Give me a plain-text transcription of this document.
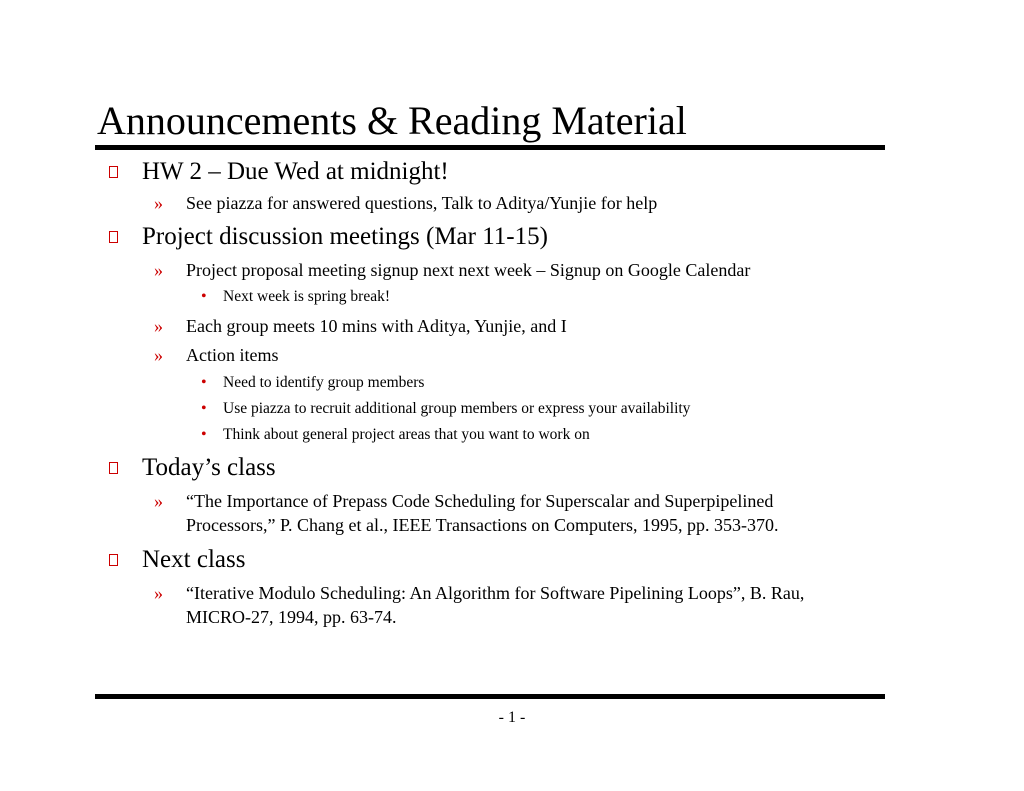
Announcements & Reading Material
HW 2 – Due Wed at midnight!
» See piazza for answered questions, Talk to Aditya/Yunjie for help
Project discussion meetings (Mar 11-15)
» Project proposal meeting signup next next week – Signup on Google Calendar
• Next week is spring break!
» Each group meets 10 mins with Aditya, Yunjie, and I
» Action items
• Need to identify group members
• Use piazza to recruit additional group members or express your availability
• Think about general project areas that you want to work on
Today’s class
» “The Importance of Prepass Code Scheduling for Superscalar and Superpipelined
Processors,” P. Chang et al., IEEE Transactions on Computers, 1995, pp. 353-370.
Next class
» “Iterative Modulo Scheduling: An Algorithm for Software Pipelining Loops”, B. Rau,
MICRO-27, 1994, pp. 63-74.
- 1 -
